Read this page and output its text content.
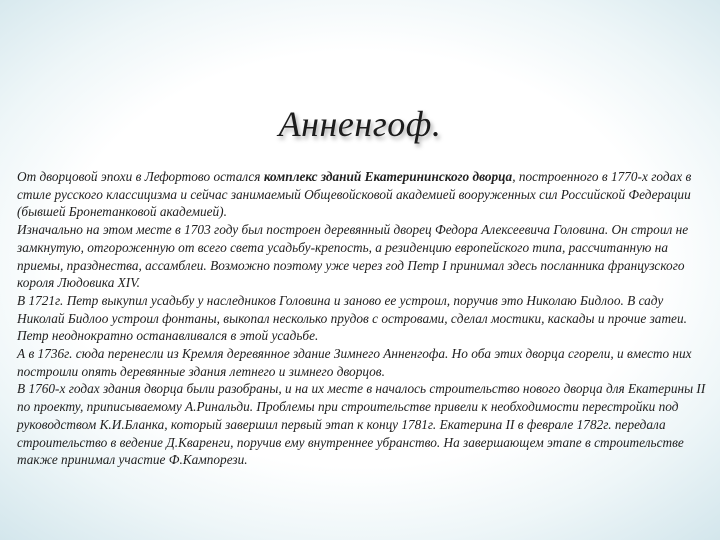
Анненгоф.

От дворцовой эпохи в Лефортово остался комплекс зданий Екатерининского дворца, построенного в 1770-х годах в стиле русского классицизма и сейчас занимаемый Общевойсковой академией вооруженных сил Российской Федерации (бывшей Бронетанковой академией).

Изначально на этом месте в 1703 году был построен деревянный дворец Федора Алексеевича Головина. Он строил не замкнутую, отгороженную от всего света усадьбу-крепость, а резиденцию европейского типа, рассчитанную на приемы, празднества, ассамблеи. Возможно поэтому уже через год Петр I принимал здесь посланника французского короля Людовика XIV.

В 1721г. Петр выкупил усадьбу у наследников Головина и заново ее устроил, поручив это Николаю Бидлоо. В саду Николай Бидлоо устроил фонтаны, выкопал несколько прудов с островами, сделал мостики, каскады и прочие затеи. Петр неоднократно останавливался в этой усадьбе.

А в 1736г. сюда перенесли из Кремля деревянное здание Зимнего Анненгофа. Но оба этих дворца сгорели, и вместо них построили опять деревянные здания летнего и зимнего дворцов.

В 1760-х годах здания дворца были разобраны, и на их месте в началось строительство нового дворца для Екатерины II по проекту, приписываемому А.Ринальди. Проблемы при строительстве привели к необходимости перестройки под руководством К.И.Бланка, который завершил первый этап к концу 1781г. Екатерина II в феврале 1782г. передала строительство в ведение Д.Кваренги, поручив ему внутреннее убранство. На завершающем этапе в строительстве также принимал участие Ф.Кампорези.
